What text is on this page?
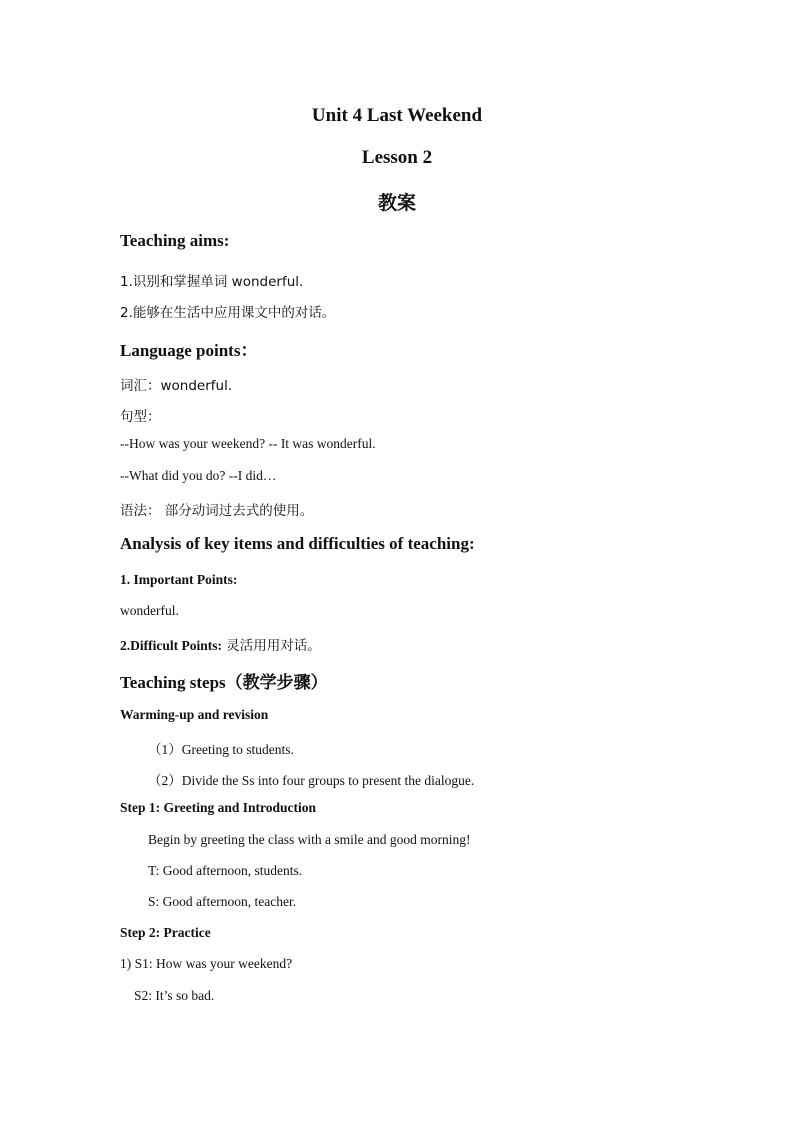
Unit 4 Last Weekend
Lesson 2
教案
Teaching aims:
1.识别和掌握单词 wonderful.
2.能够在生活中应用课文中的对话。
Language points：
词汇：wonderful.
句型：
--How was your weekend? -- It was wonderful.
--What did you do? --I did…
语法： 部分动词过去式的使用。
Analysis of key items and difficulties of teaching:
1. Important Points:
wonderful.
2.Difficult Points: 灵活用用对话。
Teaching steps（教学步骤）
Warming-up and revision
（1）Greeting to students.
（2）Divide the Ss into four groups to present the dialogue.
Step 1: Greeting and Introduction
Begin by greeting the class with a smile and good morning!
T: Good afternoon, students.
S: Good afternoon, teacher.
Step 2: Practice
1) S1: How was your weekend?
S2: It’s so bad.
